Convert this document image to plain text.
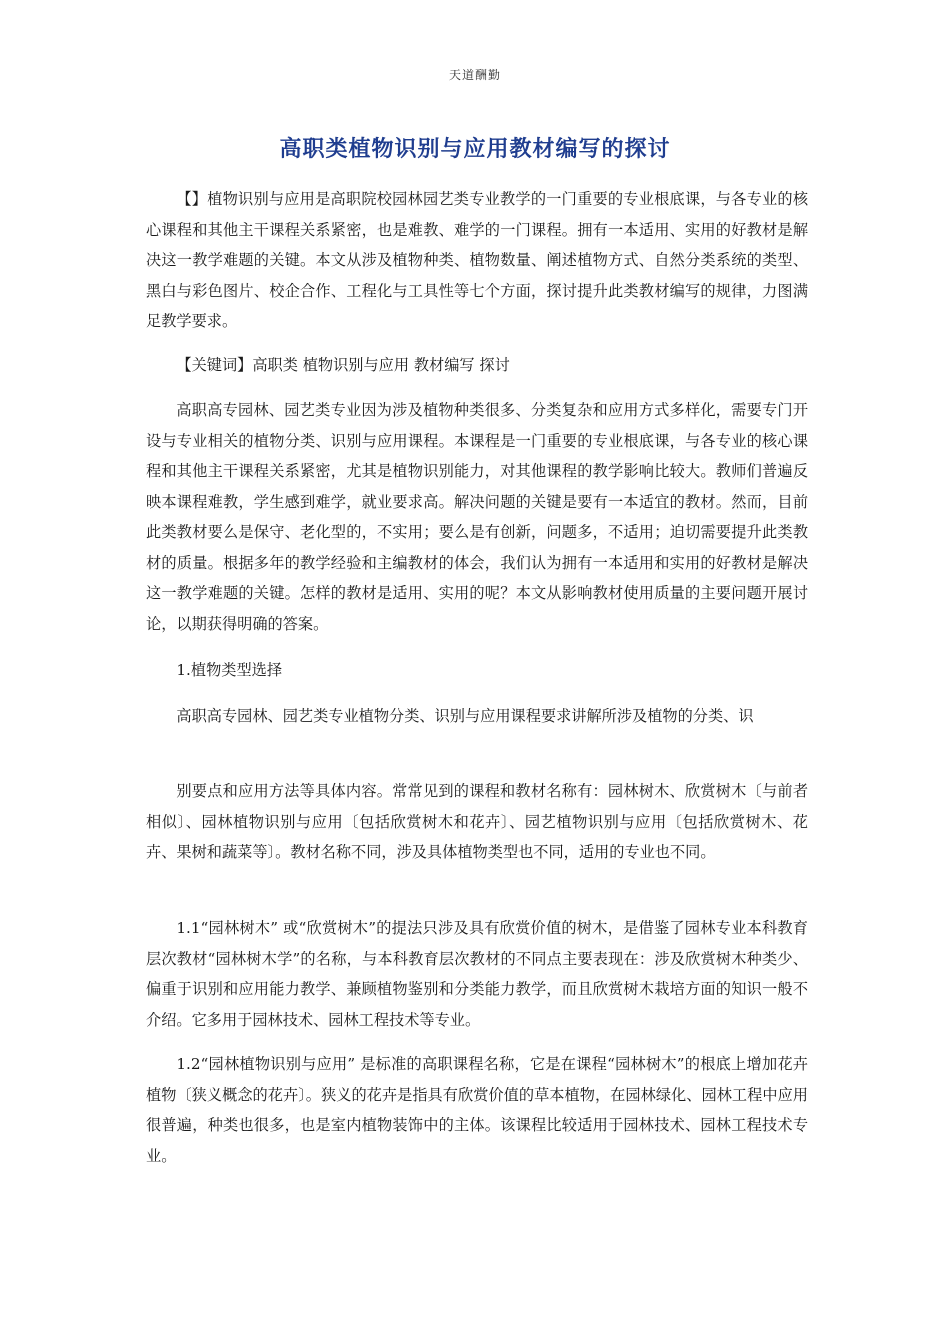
天道酬勤
高职类植物识别与应用教材编写的探讨

【】植物识别与应用是高职院校园林园艺类专业教学的一门重要的专业根底课，与各专业的核心课程和其他主干课程关系紧密，也是难教、难学的一门课程。拥有一本适用、实用的好教材是解决这一教学难题的关键。本文从涉及植物种类、植物数量、阐述植物方式、自然分类系统的类型、黑白与彩色图片、校企合作、工程化与工具性等七个方面，探讨提升此类教材编写的规律，力图满足教学要求。

【关键词】高职类 植物识别与应用 教材编写 探讨

高职高专园林、园艺类专业因为涉及植物种类很多、分类复杂和应用方式多样化，需要专门开设与专业相关的植物分类、识别与应用课程。本课程是一门重要的专业根底课，与各专业的核心课程和其他主干课程关系紧密，尤其是植物识别能力，对其他课程的教学影响比较大。教师们普遍反映本课程难教，学生感到难学，就业要求高。解决问题的关键是要有一本适宜的教材。然而，目前此类教材要么是保守、老化型的，不实用；要么是有创新，问题多，不适用；迫切需要提升此类教材的质量。根据多年的教学经验和主编教材的体会，我们认为拥有一本适用和实用的好教材是解决这一教学难题的关键。怎样的教材是适用、实用的呢？本文从影响教材使用质量的主要问题开展讨论，以期获得明确的答案。

1.植物类型选择

高职高专园林、园艺类专业植物分类、识别与应用课程要求讲解所涉及植物的分类、识

别要点和应用方法等具体内容。常常见到的课程和教材名称有：园林树木、欣赏树木〔与前者相似〕、园林植物识别与应用〔包括欣赏树木和花卉〕、园艺植物识别与应用〔包括欣赏树木、花卉、果树和蔬菜等〕。教材名称不同，涉及具体植物类型也不同，适用的专业也不同。

1.1“园林树木” 或“欣赏树木”的提法只涉及具有欣赏价值的树木，是借鉴了园林专业本科教育层次教材“园林树木学”的名称，与本科教育层次教材的不同点主要表现在：涉及欣赏树木种类少、偏重于识别和应用能力教学、兼顾植物鉴别和分类能力教学，而且欣赏树木栽培方面的知识一般不介绍。它多用于园林技术、园林工程技术等专业。

1.2“园林植物识别与应用” 是标准的高职课程名称，它是在课程“园林树木”的根底上增加花卉植物〔狭义概念的花卉〕。狭义的花卉是指具有欣赏价值的草本植物，在园林绿化、园林工程中应用很普遍，种类也很多，也是室内植物装饰中的主体。该课程比较适用于园林技术、园林工程技术专业。
